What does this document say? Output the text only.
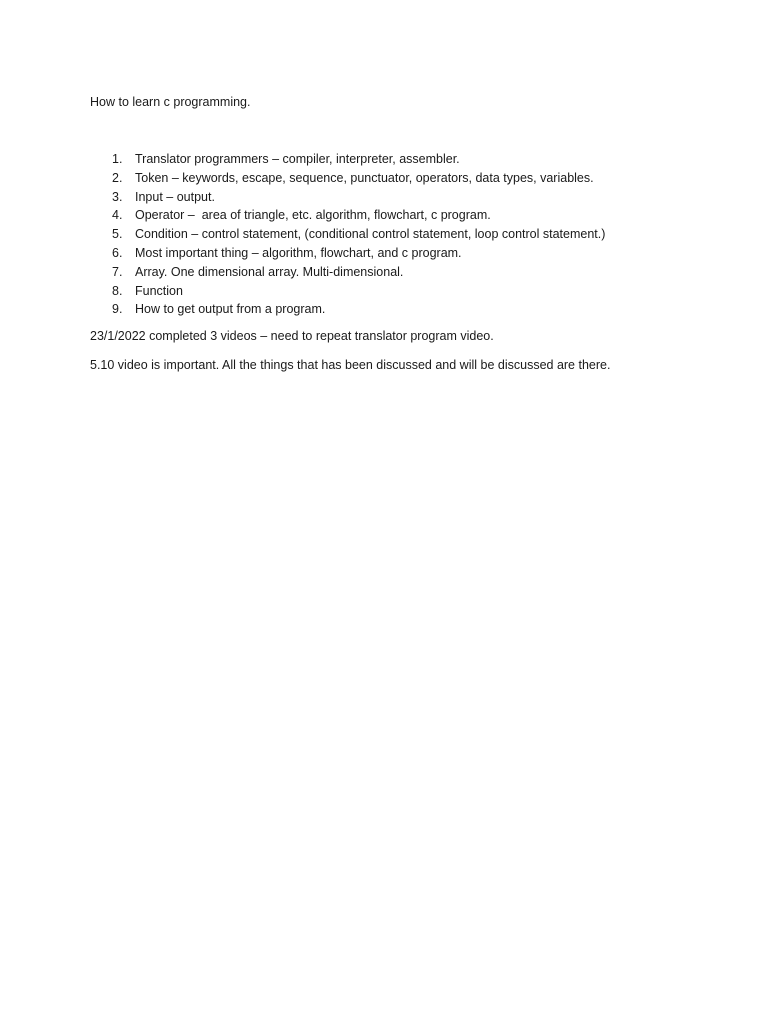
How to learn c programming.

1. Translator programmers – compiler, interpreter, assembler.
2. Token – keywords, escape, sequence, punctuator, operators, data types, variables.
3. Input – output.
4. Operator –  area of triangle, etc. algorithm, flowchart, c program.
5. Condition – control statement, (conditional control statement, loop control statement.)
6. Most important thing – algorithm, flowchart, and c program.
7. Array. One dimensional array. Multi-dimensional.
8. Function
9. How to get output from a program.

23/1/2022 completed 3 videos – need to repeat translator program video.

5.10 video is important. All the things that has been discussed and will be discussed are there.
